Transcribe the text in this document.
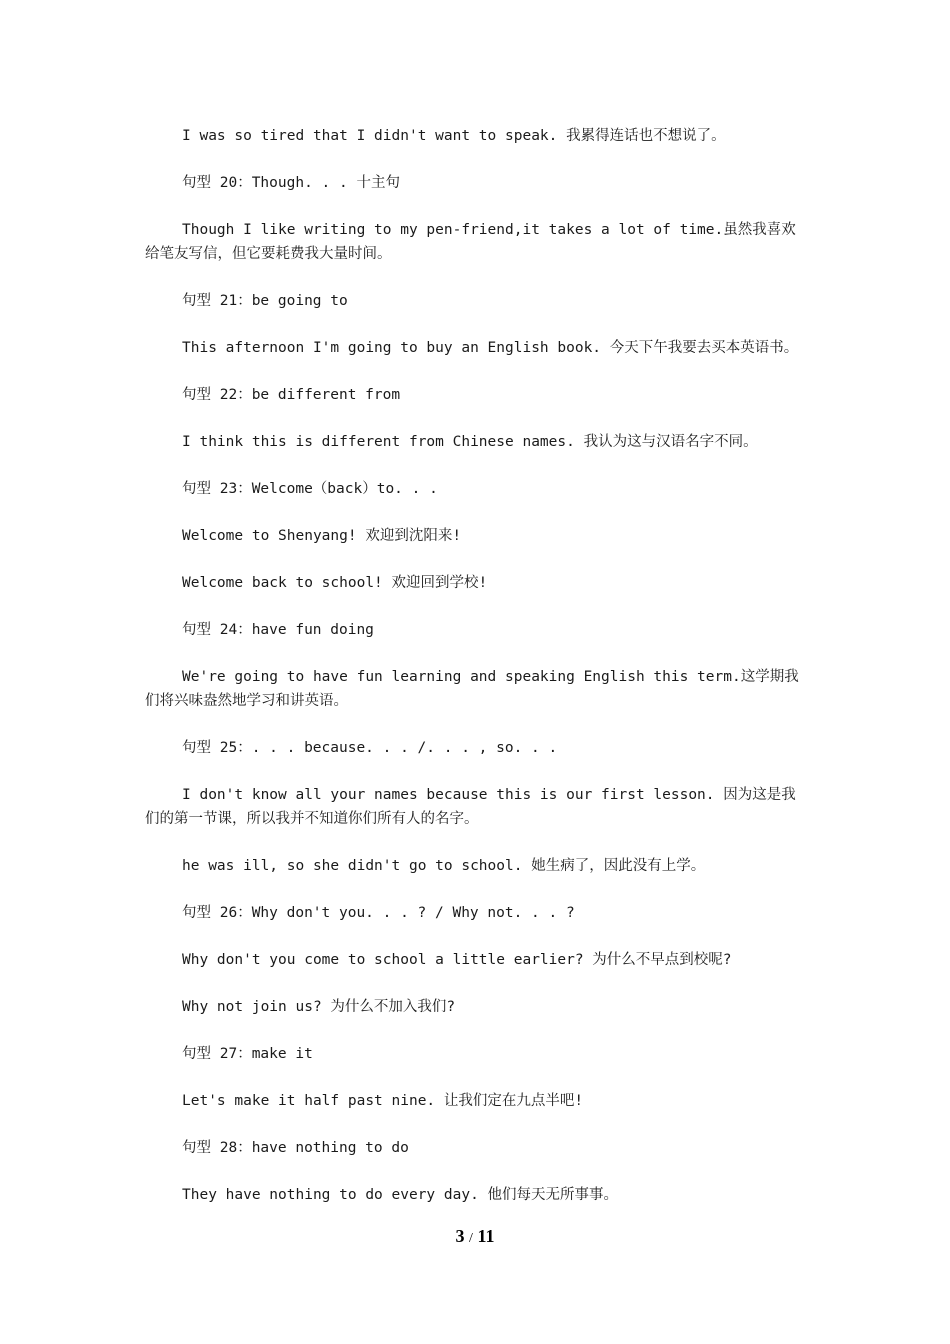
I was so tired that I didn't want to speak. 我累得连话也不想说了。

句型 20：Though. . . 十主句

Though I like writing to my pen-friend,it takes a lot of time.虽然我喜欢给笔友写信，但它要耗费我大量时间。

句型 21：be going to

This afternoon I'm going to buy an English book. 今天下午我要去买本英语书。

句型 22：be different from

I think this is different from Chinese names. 我认为这与汉语名字不同。

句型 23：Welcome（back）to. . .

Welcome to Shenyang! 欢迎到沈阳来!

Welcome back to school! 欢迎回到学校!

句型 24：have fun doing

We're going to have fun learning and speaking English this term.这学期我们将兴味盎然地学习和讲英语。

句型 25：. . . because. . . /. . . , so. . .

I don't know all your names because this is our first lesson. 因为这是我们的第一节课，所以我并不知道你们所有人的名字。

he was ill, so she didn't go to school. 她生病了，因此没有上学。

句型 26：Why don't you. . . ? / Why not. . . ?

Why don't you come to school a little earlier? 为什么不早点到校呢?

Why not join us? 为什么不加入我们?

句型 27：make it

Let's make it half past nine. 让我们定在九点半吧!

句型 28：have nothing to do

They have nothing to do every day. 他们每天无所事事。

3 / 11
